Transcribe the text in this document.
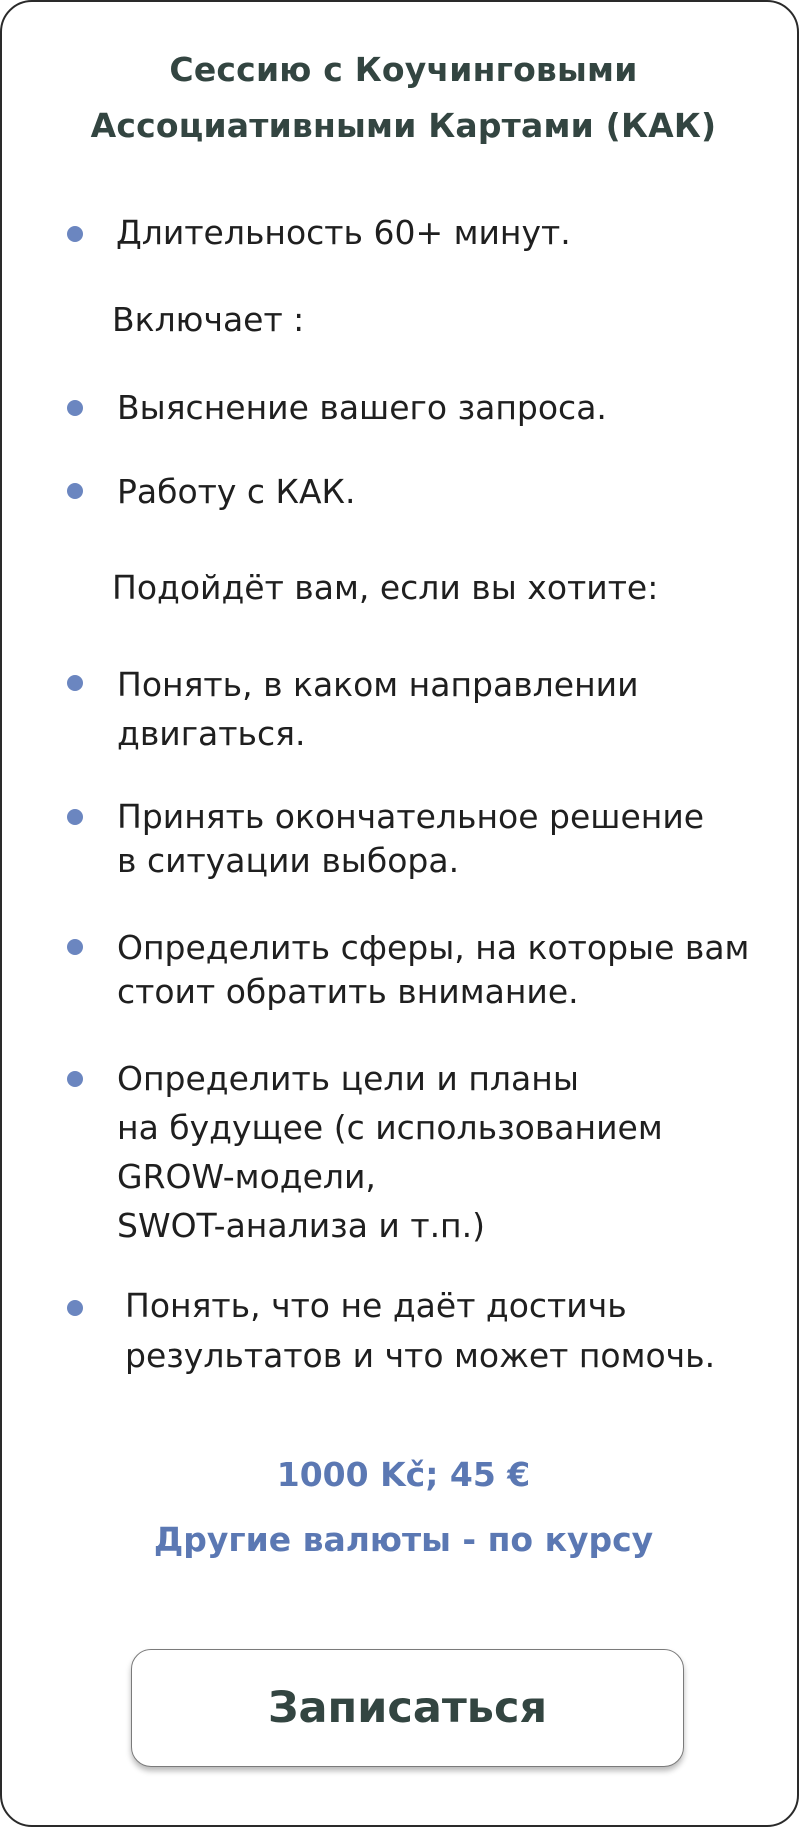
Сессию с Коучинговыми Ассоциативными Картами (КАК)
Длительность 60+ минут.
Включает :
Выяснение вашего запроса.
Работу с КАК.
Подойдёт вам, если вы хотите:
Понять, в каком направлении
двигаться.
Принять окончательное решение
в ситуации выбора.
Определить сферы, на которые вам
стоит обратить внимание.
Определить цели и планы
на будущее (с использованием
GROW-модели,
SWOT-анализа и т.п.)
Понять, что не даёт достичь
результатов и что может помочь.
1000 Kč; 45 €
Другие валюты - по курсу
Записаться
